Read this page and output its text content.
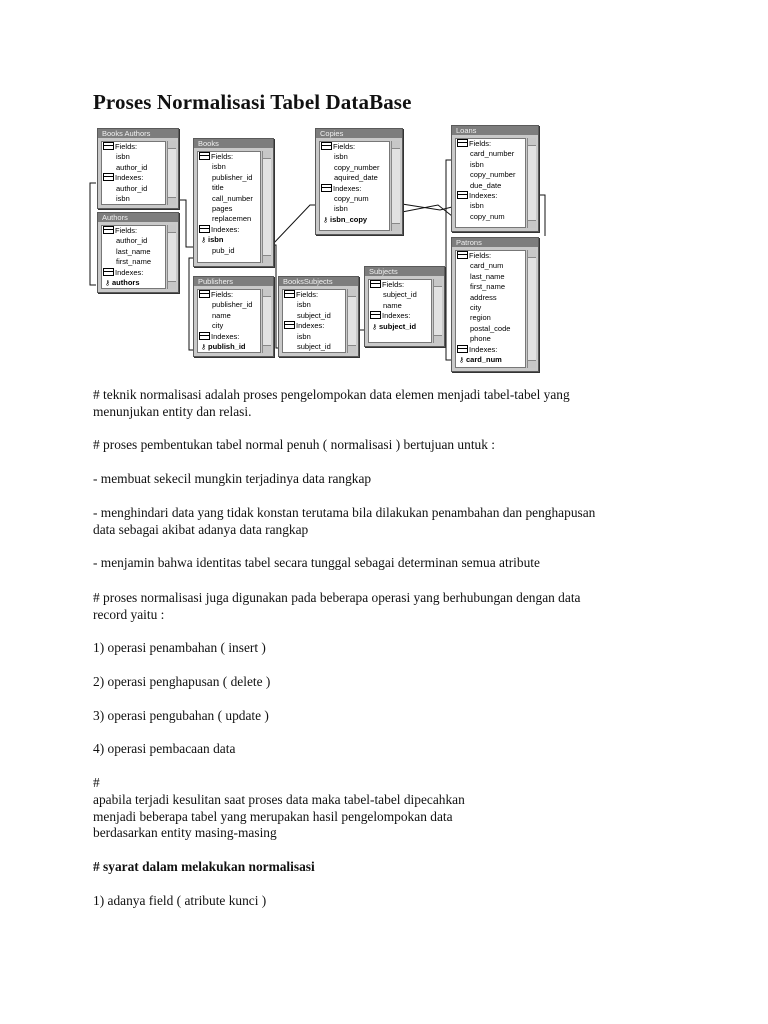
Proses Normalisasi Tabel DataBase
Books Authors
Fields:
isbn
author_id
Indexes:
author_id
isbn
Authors
Fields:
author_id
last_name
first_name
Indexes:
⚷ authors
Books
Fields:
isbn
publisher_id
title
call_number
pages
replacemen
Indexes:
⚷ isbn
pub_id
Copies
Fields:
isbn
copy_number
aquired_date
Indexes:
copy_num
isbn
⚷ isbn_copy
Loans
Fields:
card_number
isbn
copy_number
due_date
Indexes:
isbn
copy_num
Publishers
Fields:
publisher_id
name
city
Indexes:
⚷ publish_id
BooksSubjects
Fields:
isbn
subject_id
Indexes:
isbn
subject_id
Subjects
Fields:
subject_id
name
Indexes:
⚷ subject_id
Patrons
Fields:
card_num
last_name
first_name
address
city
region
postal_code
phone
Indexes:
⚷ card_num

# teknik normalisasi adalah proses pengelompokan data elemen menjadi tabel-tabel yang
menunjukan entity dan relasi.

# proses pembentukan tabel normal penuh ( normalisasi ) bertujuan untuk :

- membuat sekecil mungkin terjadinya data rangkap

- menghindari data yang tidak konstan terutama bila dilakukan penambahan dan penghapusan
data sebagai akibat adanya data rangkap

- menjamin bahwa identitas tabel secara tunggal sebagai determinan semua atribute

# proses normalisasi juga digunakan pada beberapa operasi yang berhubungan dengan data
record yaitu :

1) operasi penambahan ( insert )

2) operasi penghapusan ( delete )

3) operasi pengubahan ( update )

4) operasi pembacaan data

#
apabila terjadi kesulitan saat proses data maka tabel-tabel dipecahkan
menjadi beberapa tabel yang merupakan hasil pengelompokan data
berdasarkan entity masing-masing

# syarat dalam melakukan normalisasi

1) adanya field ( atribute kunci )
